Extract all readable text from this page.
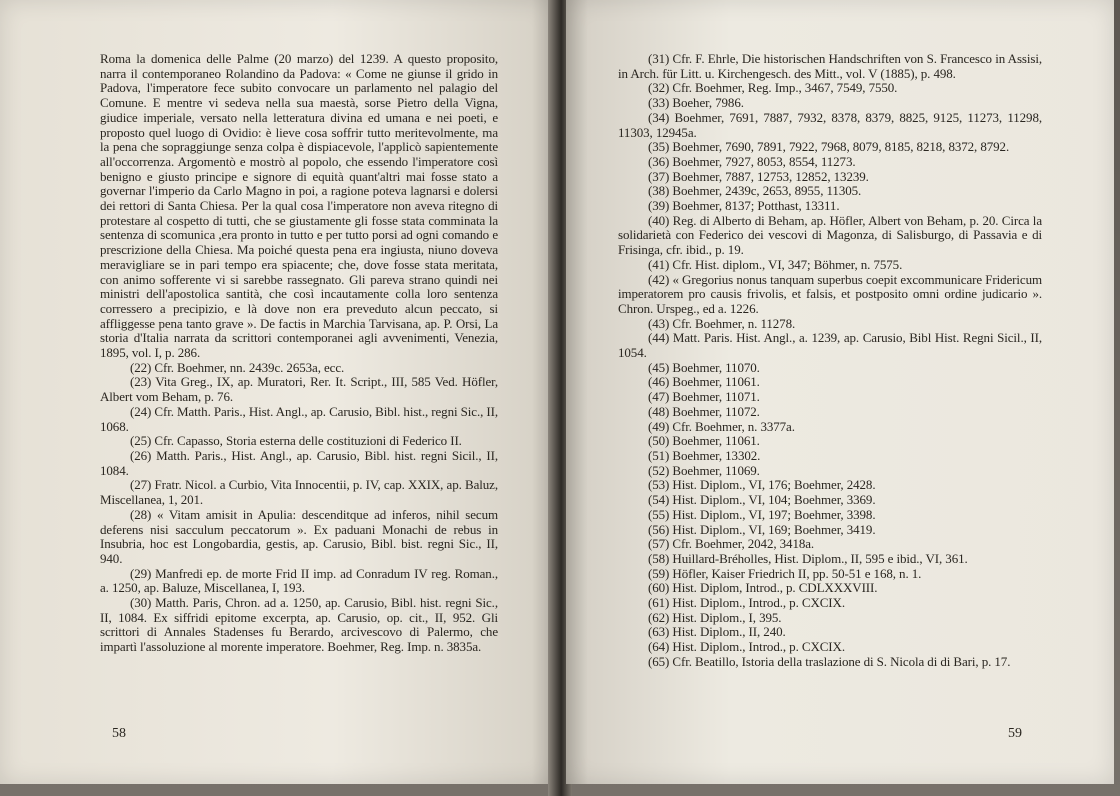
Roma la domenica delle Palme (20 marzo) del 1239. A questo proposito, narra il contemporaneo Rolandino da Padova: « Come ne giunse il grido in Padova, l'imperatore fece subito convocare un parlamento nel palagio del Comune. E mentre vi sedeva nella sua maestà, sorse Pietro della Vigna, giudice imperiale, versato nella letteratura divina ed umana e nei poeti, e proposto quel luogo di Ovidio: è lieve cosa soffrir tutto meritevolmente, ma la pena che sopraggiunge senza colpa è dispiacevole, l'applicò sapientemente all'occorrenza. Argomentò e mostrò al popolo, che essendo l'imperatore così benigno e giusto principe e signore di equità quant'altri mai fosse stato a governar l'imperio da Carlo Magno in poi, a ragione poteva lagnarsi e dolersi dei rettori di Santa Chiesa. Per la qual cosa l'imperatore non aveva ritegno di protestare al cospetto di tutti, che se giustamente gli fosse stata comminata la sentenza di scomunica ,era pronto in tutto e per tutto porsi ad ogni comando e prescrizione della Chiesa. Ma poiché questa pena era ingiusta, niuno doveva meravigliare se in pari tempo era spiacente; che, dove fosse stata meritata, con animo sofferente vi si sarebbe rassegnato. Gli pareva strano quindi nei ministri dell'apostolica santità, che così incautamente colla loro sentenza corressero a precipizio, e là dove non era preveduto alcun peccato, si affliggesse pena tanto grave ». De factis in Marchia Tarvisana, ap. P. Orsi, La storia d'Italia narrata da scrittori contemporanei agli avvenimenti, Venezia, 1895, vol. I, p. 286.

(22) Cfr. Boehmer, nn. 2439c. 2653a, ecc.

(23) Vita Greg., IX, ap. Muratori, Rer. It. Script., III, 585 Ved. Höfler, Albert vom Beham, p. 76.

(24) Cfr. Matth. Paris., Hist. Angl., ap. Carusio, Bibl. hist., regni Sic., II, 1068.

(25) Cfr. Capasso, Storia esterna delle costituzioni di Federico II.

(26) Matth. Paris., Hist. Angl., ap. Carusio, Bibl. hist. regni Sicil., II, 1084.

(27) Fratr. Nicol. a Curbio, Vita Innocentii, p. IV, cap. XXIX, ap. Baluz, Miscellanea, 1, 201.

(28) « Vitam amisit in Apulia: descenditque ad inferos, nihil secum deferens nisi sacculum peccatorum ». Ex paduani Monachi de rebus in Insubria, hoc est Longobardia, gestis, ap. Carusio, Bibl. bist. regni Sic., II, 940.

(29) Manfredi ep. de morte Frid II imp. ad Conradum IV reg. Roman., a. 1250, ap. Baluze, Miscellanea, I, 193.

(30) Matth. Paris, Chron. ad a. 1250, ap. Carusio, Bibl. hist. regni Sic., II, 1084. Ex siffridi epitome excerpta, ap. Carusio, op. cit., II, 952. Gli scrittori di Annales Stadenses fu Berardo, arcivescovo di Palermo, che impartì l'assoluzione al morente imperatore. Boehmer, Reg. Imp. n. 3835a.

58

(31) Cfr. F. Ehrle, Die historischen Handschriften von S. Francesco in Assisi, in Arch. für Litt. u. Kirchengesch. des Mitt., vol. V (1885), p. 498.

(32) Cfr. Boehmer, Reg. Imp., 3467, 7549, 7550.

(33) Boeher, 7986.

(34) Boehmer, 7691, 7887, 7932, 8378, 8379, 8825, 9125, 11273, 11298, 11303, 12945a.

(35) Boehmer, 7690, 7891, 7922, 7968, 8079, 8185, 8218, 8372, 8792.

(36) Boehmer, 7927, 8053, 8554, 11273.

(37) Boehmer, 7887, 12753, 12852, 13239.

(38) Boehmer, 2439c, 2653, 8955, 11305.

(39) Boehmer, 8137; Potthast, 13311.

(40) Reg. di Alberto di Beham, ap. Höfler, Albert von Beham, p. 20. Circa la solidarietà con Federico dei vescovi di Magonza, di Salisburgo, di Passavia e di Frisinga, cfr. ibid., p. 19.

(41) Cfr. Hist. diplom., VI, 347; Böhmer, n. 7575.

(42) « Gregorius nonus tanquam superbus coepit excommunicare Fridericum imperatorem pro causis frivolis, et falsis, et postposito omni ordine judicario ». Chron. Urspeg., ed a. 1226.

(43) Cfr. Boehmer, n. 11278.

(44) Matt. Paris. Hist. Angl., a. 1239, ap. Carusio, Bibl Hist. Regni Sicil., II, 1054.

(45) Boehmer, 11070.

(46) Boehmer, 11061.

(47) Boehmer, 11071.

(48) Boehmer, 11072.

(49) Cfr. Boehmer, n. 3377a.

(50) Boehmer, 11061.

(51) Boehmer, 13302.

(52) Boehmer, 11069.

(53) Hist. Diplom., VI, 176; Boehmer, 2428.

(54) Hist. Diplom., VI, 104; Boehmer, 3369.

(55) Hist. Diplom., VI, 197; Boehmer, 3398.

(56) Hist. Diplom., VI, 169; Boehmer, 3419.

(57) Cfr. Boehmer, 2042, 3418a.

(58) Huillard-Bréholles, Hist. Diplom., II, 595 e ibid., VI, 361.

(59) Höfler, Kaiser Friedrich II, pp. 50-51 e 168, n. 1.

(60) Hist. Diplom, Introd., p. CDLXXXVIII.

(61) Hist. Diplom., Introd., p. CXCIX.

(62) Hist. Diplom., I, 395.

(63) Hist. Diplom., II, 240.

(64) Hist. Diplom., Introd., p. CXCIX.

(65) Cfr. Beatillo, Istoria della traslazione di S. Nicola di di Bari, p. 17.

59
